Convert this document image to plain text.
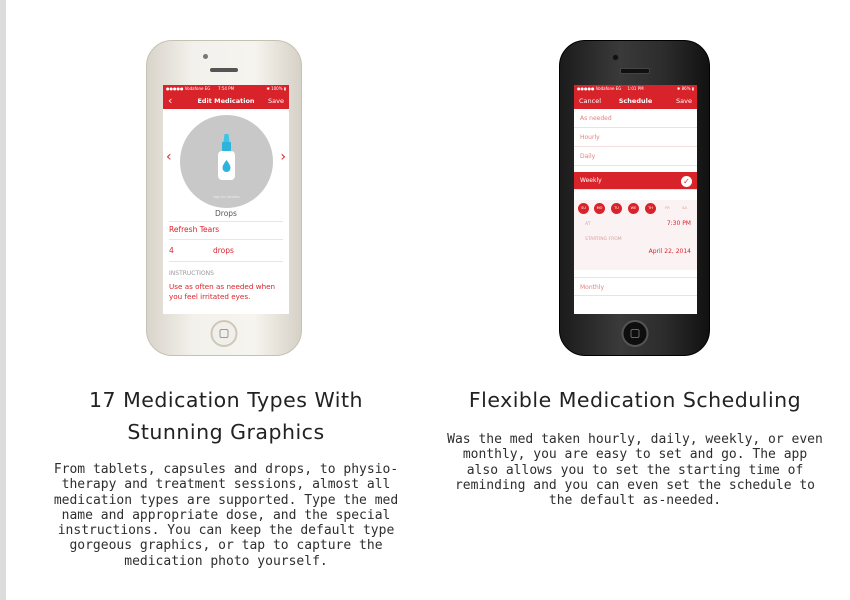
●●●●● Vodafone EG	7:54 PM	✱ 100% ▮
‹	Edit Medication	Save
‹	›
tap for camera
Drops
Refresh Tears
4	drops
INSTRUCTIONS
Use as often as needed when you feel irritated eyes.
●●●●● Vodafone EG	1:01 PM	✱ 86% ▮
Cancel	Schedule	Save
As needed
Hourly
Daily
Weekly	✓
SU	MO	TU	WE	TH	FR	SA
AT	7:30 PM
STARTING FROM
April 22, 2014
Monthly
17 Medication Types With
Stunning Graphics

From tablets, capsules and drops, to physio-therapy and treatment sessions, almost all medication types are supported. Type the med name and appropriate dose, and the special instructions. You can keep the default type gorgeous graphics, or tap to capture the medication photo yourself.

Flexible Medication Scheduling

Was the med taken hourly, daily, weekly, or even monthly, you are easy to set and go. The app also allows you to set the starting time of reminding and you can even set the schedule to the default as-needed.
